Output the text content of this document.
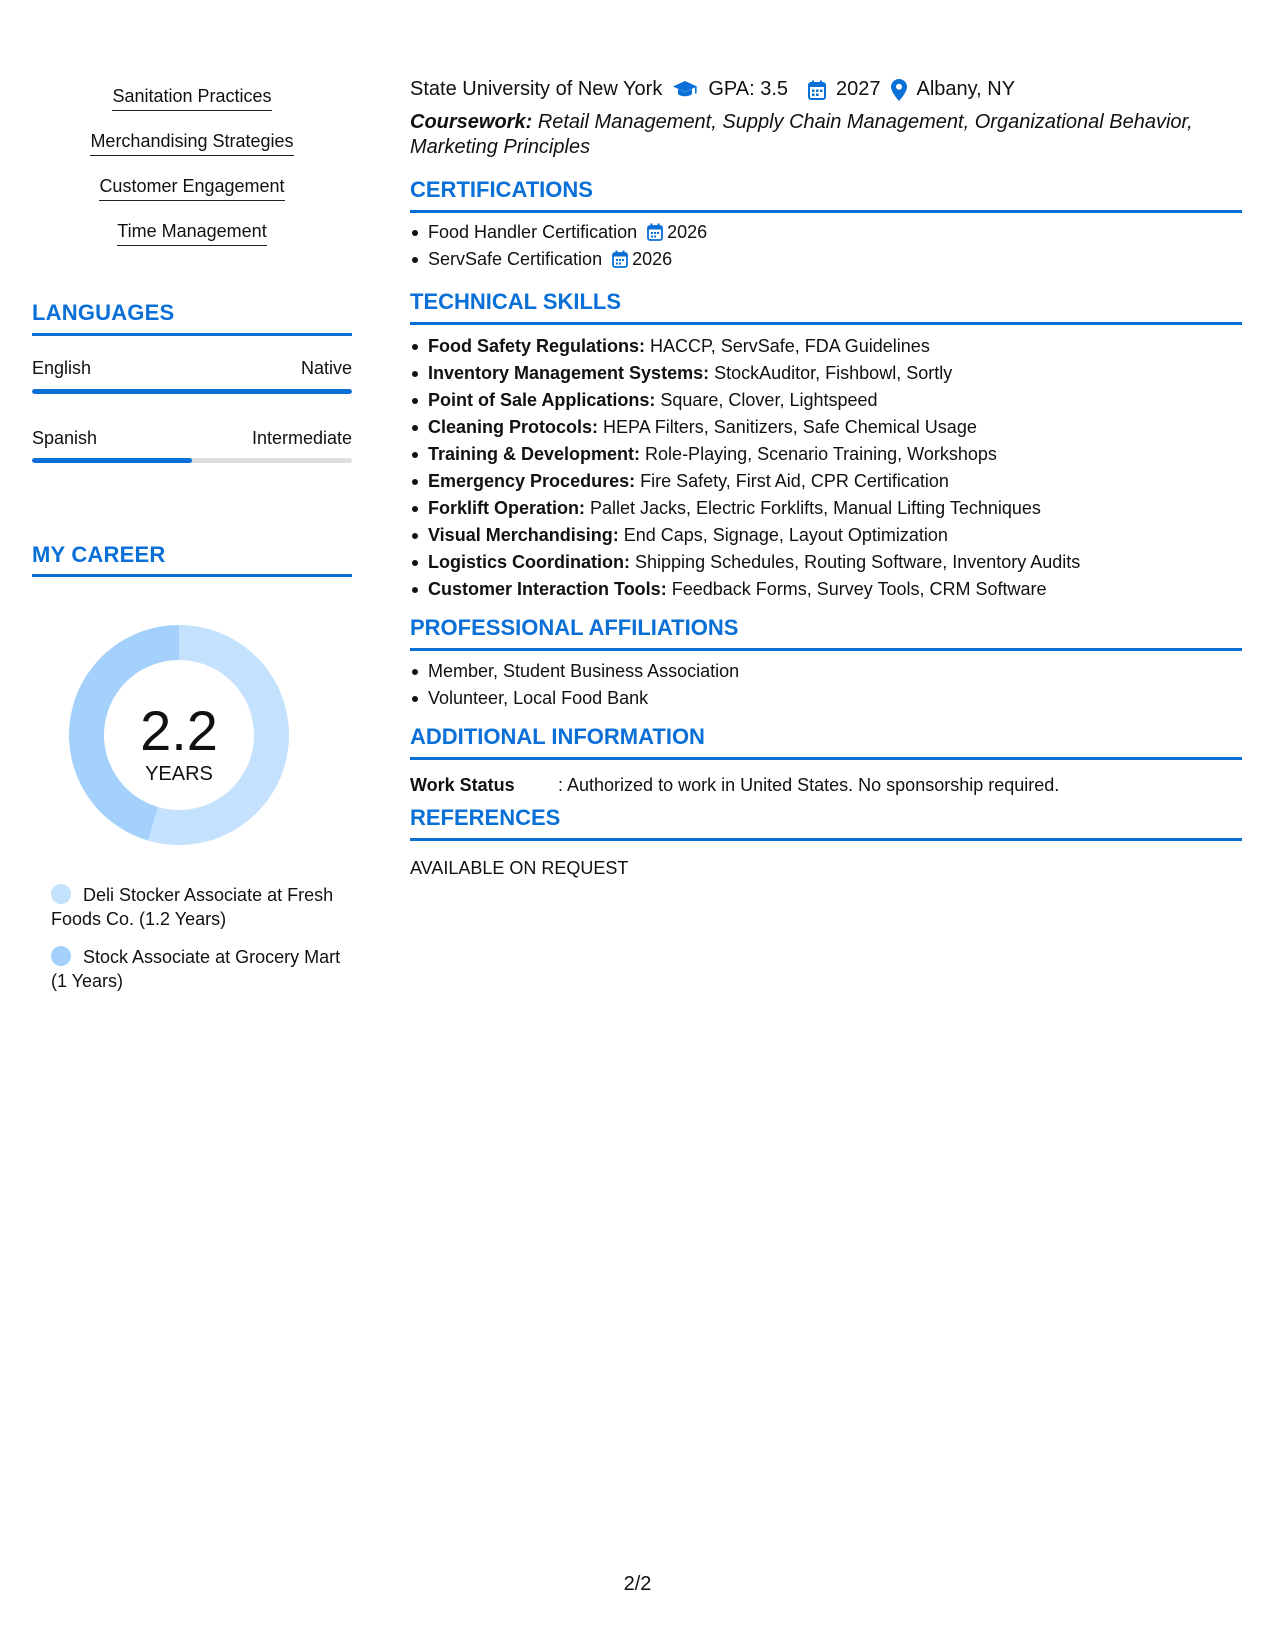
Sanitation Practices
Merchandising Strategies
Customer Engagement
Time Management
LANGUAGES
English	Native
Spanish	Intermediate
MY CAREER
2.2
YEARS
Deli Stocker Associate at Fresh Foods Co. (1.2 Years)
Stock Associate at Grocery Mart (1 Years)
State University of New York GPA: 3.5 2027 Albany, NY
Coursework: Retail Management, Supply Chain Management, Organizational Behavior, Marketing Principles
CERTIFICATIONS
Food Handler Certification 2026
ServSafe Certification 2026
TECHNICAL SKILLS
Food Safety Regulations: HACCP, ServSafe, FDA Guidelines
Inventory Management Systems: StockAuditor, Fishbowl, Sortly
Point of Sale Applications: Square, Clover, Lightspeed
Cleaning Protocols: HEPA Filters, Sanitizers, Safe Chemical Usage
Training & Development: Role-Playing, Scenario Training, Workshops
Emergency Procedures: Fire Safety, First Aid, CPR Certification
Forklift Operation: Pallet Jacks, Electric Forklifts, Manual Lifting Techniques
Visual Merchandising: End Caps, Signage, Layout Optimization
Logistics Coordination: Shipping Schedules, Routing Software, Inventory Audits
Customer Interaction Tools: Feedback Forms, Survey Tools, CRM Software
PROFESSIONAL AFFILIATIONS
Member, Student Business Association
Volunteer, Local Food Bank
ADDITIONAL INFORMATION
Work Status : Authorized to work in United States. No sponsorship required.
REFERENCES
AVAILABLE ON REQUEST
2/2
